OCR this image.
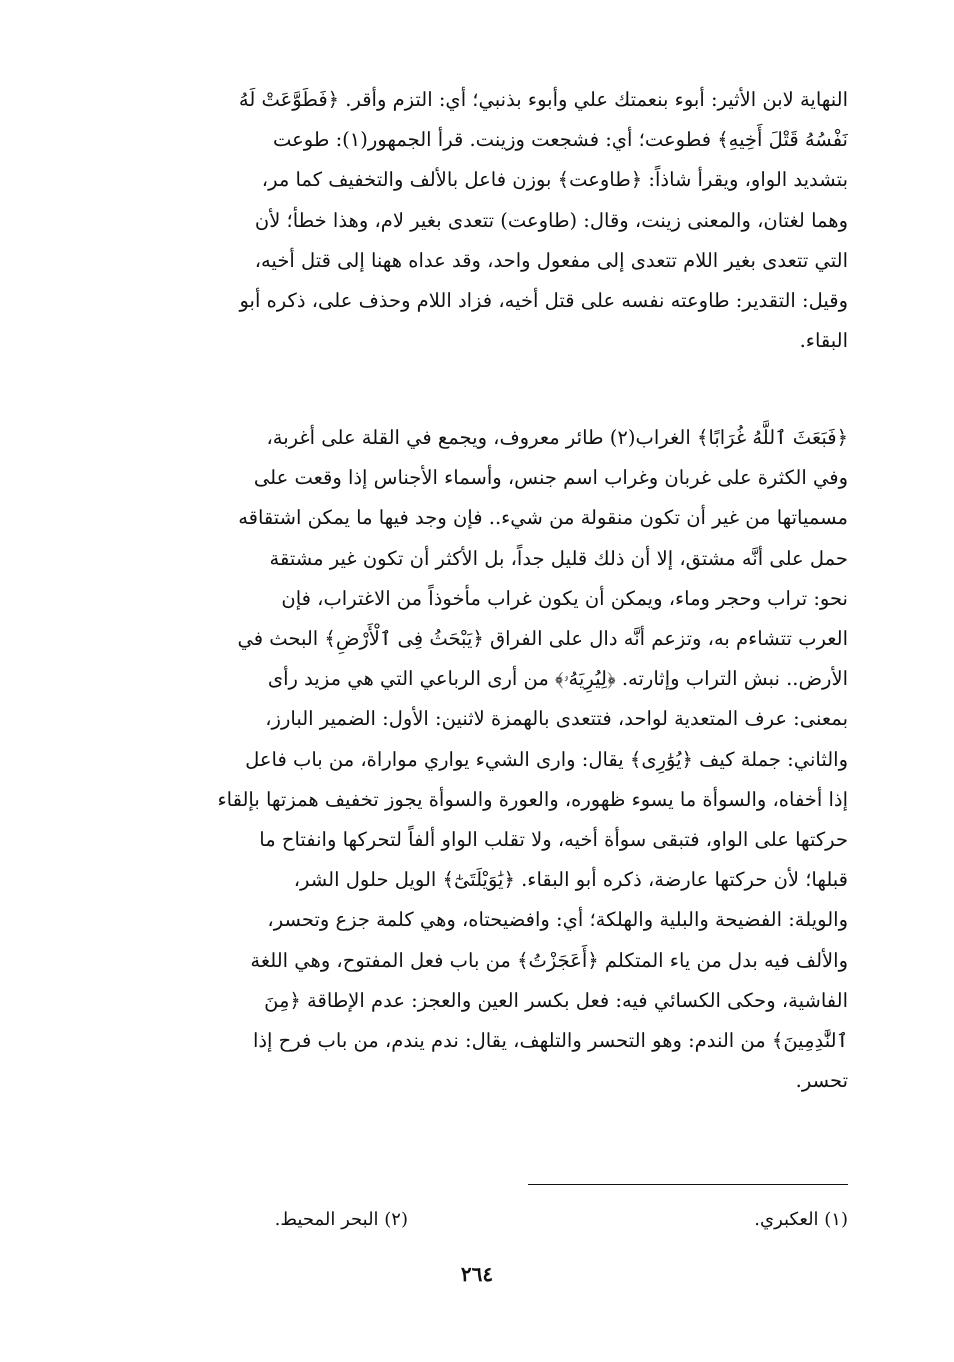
النهاية لابن الأثير: أبوء بنعمتك علي وأبوء بذنبي؛ أي: التزم وأقر. ﴿فَطَوَّعَتْ لَهُ
نَفْسُهُ قَتْلَ أَخِيهِ﴾ فطوعت؛ أي: فشجعت وزينت. قرأ الجمهور(١): طوعت
بتشديد الواو، ويقرأ شاذاً: ﴿طاوعت﴾ بوزن فاعل بالألف والتخفيف كما مر،
وهما لغتان، والمعنى زينت، وقال: (طاوعت) تتعدى بغير لام، وهذا خطأ؛ لأن
التي تتعدى بغير اللام تتعدى إلى مفعول واحد، وقد عداه ههنا إلى قتل أخيه،
وقيل: التقدير: طاوعته نفسه على قتل أخيه، فزاد اللام وحذف على، ذكره أبو
البقاء.

﴿فَبَعَثَ ٱللَّهُ غُرَابًا﴾ الغراب(٢) طائر معروف، ويجمع في القلة على أغربة،
وفي الكثرة على غربان وغراب اسم جنس، وأسماء الأجناس إذا وقعت على
مسمياتها من غير أن تكون منقولة من شيء.. فإن وجد فيها ما يمكن اشتقاقه
حمل على أنَّه مشتق، إلا أن ذلك قليل جداً، بل الأكثر أن تكون غير مشتقة
نحو: تراب وحجر وماء، ويمكن أن يكون غراب مأخوذاً من الاغتراب، فإن
العرب تتشاءم به، وتزعم أنَّه دال على الفراق ﴿يَبْحَثُ فِى ٱلْأَرْضِ﴾ البحث في
الأرض.. نبش التراب وإثارته. ﴿لِيُرِيَهُۥ﴾ من أرى الرباعي التي هي مزيد رأى
بمعنى: عرف المتعدية لواحد، فتتعدى بالهمزة لاثنين: الأول: الضمير البارز،
والثاني: جملة كيف ﴿يُوَٰرِى﴾ يقال: وارى الشيء يواري مواراة، من باب فاعل
إذا أخفاه، والسوأة ما يسوء ظهوره، والعورة والسوأة يجوز تخفيف همزتها بإلقاء
حركتها على الواو، فتبقى سوأة أخيه، ولا تقلب الواو ألفاً لتحركها وانفتاح ما
قبلها؛ لأن حركتها عارضة، ذكره أبو البقاء. ﴿يَٰوَيْلَتَىٰٓ﴾ الويل حلول الشر،
والويلة: الفضيحة والبلية والهلكة؛ أي: وافضيحتاه، وهي كلمة جزع وتحسر،
والألف فيه بدل من ياء المتكلم ﴿أَعَجَزْتُ﴾ من باب فعل المفتوح، وهي اللغة
الفاشية، وحكى الكسائي فيه: فعل بكسر العين والعجز: عدم الإطاقة ﴿مِنَ
ٱلنَّٰدِمِينَ﴾ من الندم: وهو التحسر والتلهف، يقال: ندم يندم، من باب فرح إذا
تحسر.

(١) العكبري.
(٢) البحر المحيط.
٢٦٤
